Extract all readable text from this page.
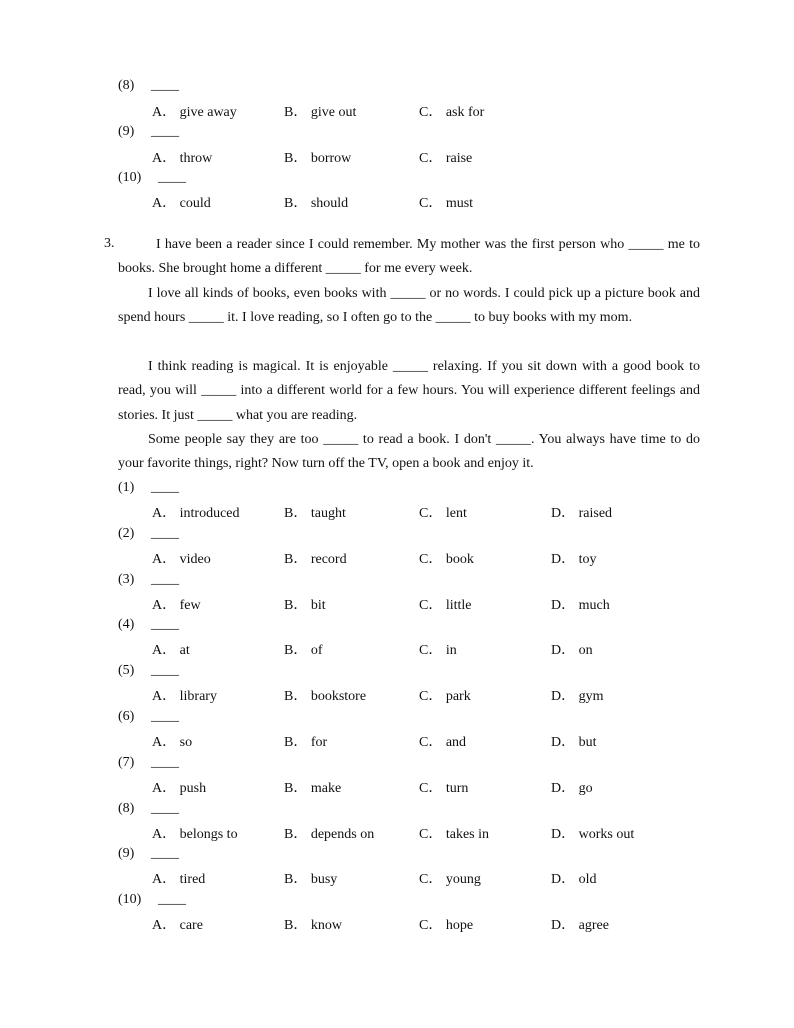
(8) ____
A． give away	B． give out	C． ask for
(9) ____
A． throw	B． borrow	C． raise
(10) ____
A． could	B． should	C． must
3.	I have been a reader since I could remember. My mother was the first person who _____ me to books. She brought home a different _____ for me every week.
I love all kinds of books, even books with _____ or no words. I could pick up a picture book and spend hours _____ it. I love reading, so I often go to the _____ to buy books with my mom.
I think reading is magical. It is enjoyable _____ relaxing. If you sit down with a good book to read, you will _____ into a different world for a few hours. You will experience different feelings and stories. It just _____ what you are reading.
Some people say they are too _____ to read a book. I don't _____. You always have time to do your favorite things, right? Now turn off the TV, open a book and enjoy it.
(1) ____
A． introduced	B． taught	C． lent	D． raised
(2) ____
A． video	B． record	C． book	D． toy
(3) ____
A． few	B． bit	C． little	D． much
(4) ____
A． at	B． of	C． in	D． on
(5) ____
A． library	B． bookstore	C． park	D． gym
(6) ____
A． so	B． for	C． and	D． but
(7) ____
A． push	B． make	C． turn	D． go
(8) ____
A． belongs to	B． depends on	C． takes in	D． works out
(9) ____
A． tired	B． busy	C． young	D． old
(10) ____
A． care	B． know	C． hope	D． agree
